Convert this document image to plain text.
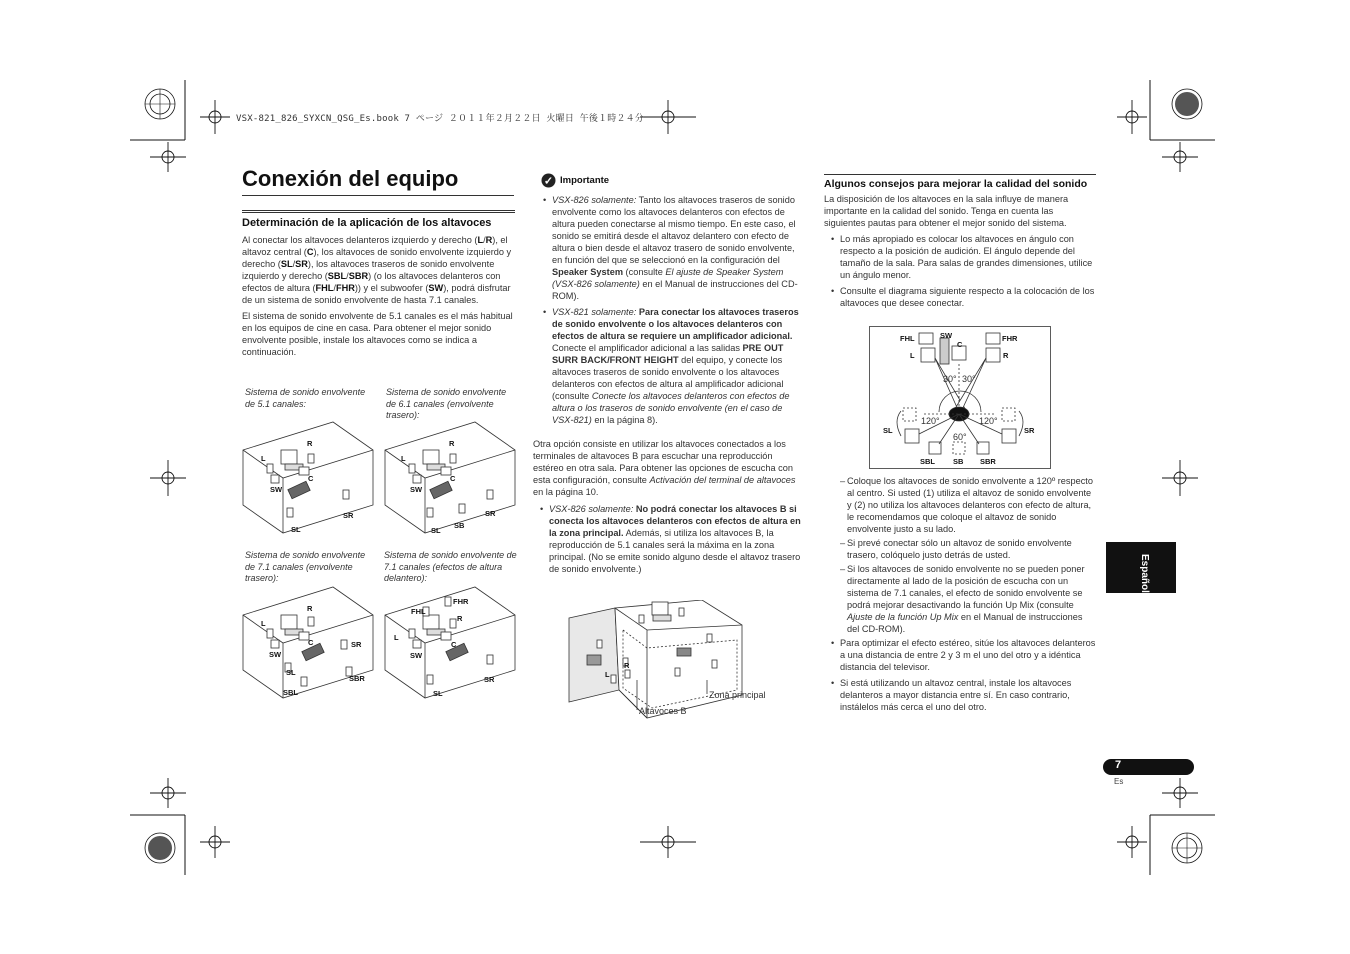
VSX-821_826_SYXCN_QSG_Es.book 7 ページ ２０１１年２月２２日 火曜日 午後１時２４分
Conexión del equipo
Determinación de la aplicación de los altavoces

Al conectar los altavoces delanteros izquierdo y derecho (L/R), el altavoz central (C), los altavoces de sonido envolvente izquierdo y derecho (SL/SR), los altavoces traseros de sonido envolvente izquierdo y derecho (SBL/SBR) (o los altavoces delanteros con efectos de altura (FHL/FHR)) y el subwoofer (SW), podrá disfrutar de un sistema de sonido envolvente de hasta 7.1 canales.

El sistema de sonido envolvente de 5.1 canales es el más habitual en los equipos de cine en casa. Para obtener el mejor sonido envolvente posible, instale los altavoces como se indica a continuación.

Sistema de sonido envolvente de 5.1 canales:
Sistema de sonido envolvente de 6.1 canales (envolvente trasero):
Sistema de sonido envolvente de 7.1 canales (envolvente trasero):
Sistema de sonido envolvente de 7.1 canales (efectos de altura delantero):
L
R
C
SW
SR
SL
L
R
C
SW
SR
SB
SL
L
R
C
SW
SR
SL
SBR
SBL
FHL
FHR
L
R
C
SW
SR
SL
✓ Importante
• VSX-826 solamente: Tanto los altavoces traseros de sonido envolvente como los altavoces delanteros con efectos de altura pueden conectarse al mismo tiempo. En este caso, el sonido se emitirá desde el altavoz delantero con efecto de altura o bien desde el altavoz trasero de sonido envolvente, en función del que se seleccionó en la configuración del Speaker System (consulte El ajuste de Speaker System (VSX-826 solamente) en el Manual de instrucciones del CD-ROM).
• VSX-821 solamente: Para conectar los altavoces traseros de sonido envolvente o los altavoces delanteros con efectos de altura se requiere un amplificador adicional. Conecte el amplificador adicional a las salidas PRE OUT SURR BACK/FRONT HEIGHT del equipo, y conecte los altavoces traseros de sonido envolvente o los altavoces delanteros con efectos de altura al amplificador adicional (consulte Conecte los altavoces delanteros con efectos de altura o los traseros de sonido envolvente (en el caso de VSX-821) en la página 8).

Otra opción consiste en utilizar los altavoces conectados a los terminales de altavoces B para escuchar una reproducción estéreo en otra sala. Para obtener las opciones de escucha con esta configuración, consulte Activación del terminal de altavoces en la página 10.

• VSX-826 solamente: No podrá conectar los altavoces B si conecta los altavoces delanteros con efectos de altura en la zona principal. Además, si utiliza los altavoces B, la reproducción de 5.1 canales será la máxima en la zona principal. (No se emite sonido alguno desde el altavoz trasero de sonido envolvente.)
L
R
Zona principal
Altavoces B
Algunos consejos para mejorar la calidad del sonido

La disposición de los altavoces en la sala influye de manera importante en la calidad del sonido. Tenga en cuenta las siguientes pautas para obtener el mejor sonido del sistema.

• Lo más apropiado es colocar los altavoces en ángulo con respecto a la posición de audición. El ángulo depende del tamaño de la sala. Para salas de grandes dimensiones, utilice un ángulo menor.
• Consulte el diagrama siguiente respecto a la colocación de los altavoces que desee conectar.
FHL	FHR
SW
C
L	R
30° 30°
120°	120°
60°
SL	SR
SBL SB SBR
– Coloque los altavoces de sonido envolvente a 120º respecto al centro. Si usted (1) utiliza el altavoz de sonido envolvente y (2) no utiliza los altavoces delanteros con efecto de altura, le recomendamos que coloque el altavoz de sonido envolvente justo a su lado.
– Si prevé conectar sólo un altavoz de sonido envolvente trasero, colóquelo justo detrás de usted.
– Si los altavoces de sonido envolvente no se pueden poner directamente al lado de la posición de escucha con un sistema de 7.1 canales, el efecto de sonido envolvente se podrá mejorar desactivando la función Up Mix (consulte Ajuste de la función Up Mix en el Manual de instrucciones del CD-ROM).
• Para optimizar el efecto estéreo, sitúe los altavoces delanteros a una distancia de entre 2 y 3 m el uno del otro y a idéntica distancia del televisor.
• Si está utilizando un altavoz central, instale los altavoces delanteros a mayor distancia entre sí. En caso contrario, instálelos más cerca el uno del otro.
Español
7
Es
